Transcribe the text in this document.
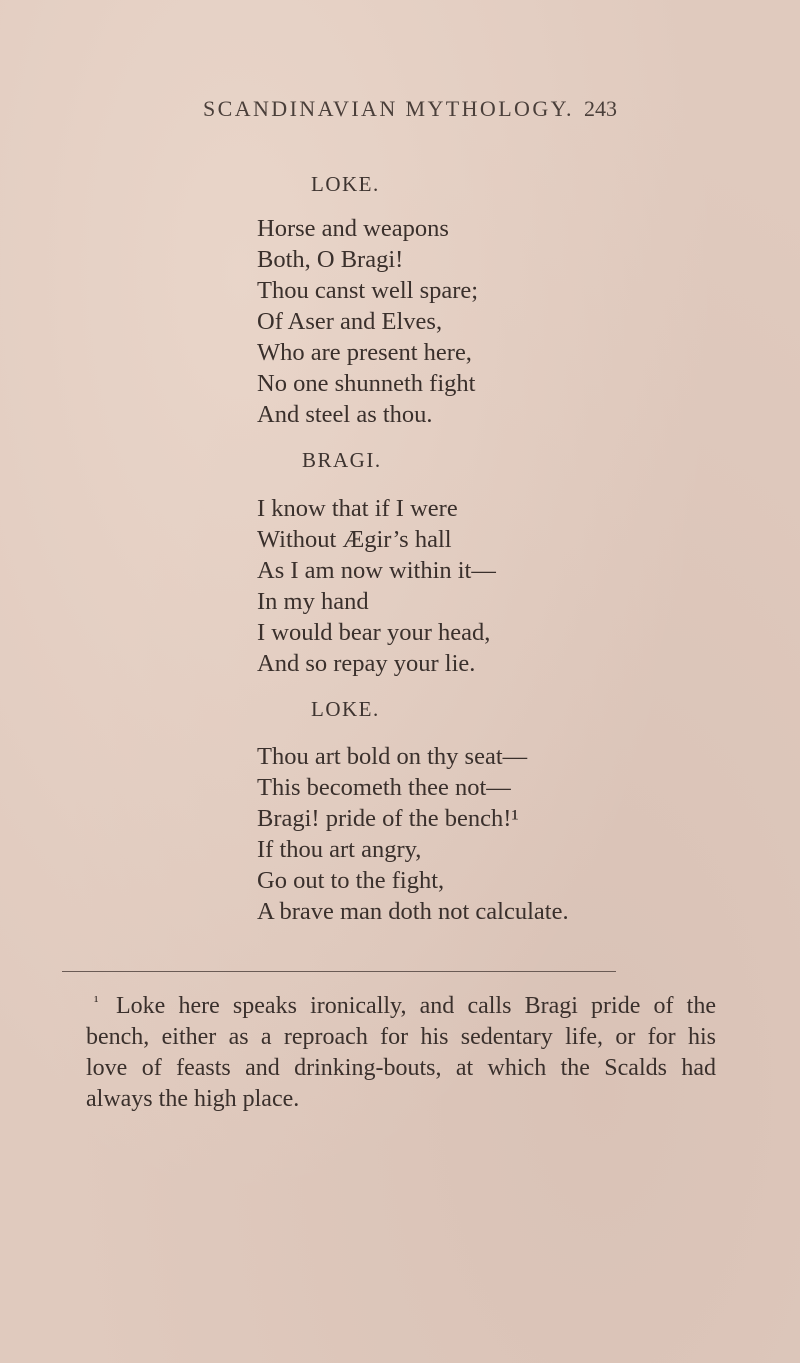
SCANDINAVIAN MYTHOLOGY. 243
LOKE.
Horse and weapons
Both, O Bragi!
Thou canst well spare;
Of Aser and Elves,
Who are present here,
No one shunneth fight
And steel as thou.
BRAGI.
I know that if I were
Without Ægir’s hall
As I am now within it—
In my hand
I would bear your head,
And so repay your lie.
LOKE.
Thou art bold on thy seat—
This becometh thee not—
Bragi! pride of the bench!¹
If thou art angry,
Go out to the fight,
A brave man doth not calculate.

¹ Loke here speaks ironically, and calls Bragi pride of the
bench, either as a reproach for his sedentary life, or for his
love of feasts and drinking-bouts, at which the Scalds had
always the high place.
